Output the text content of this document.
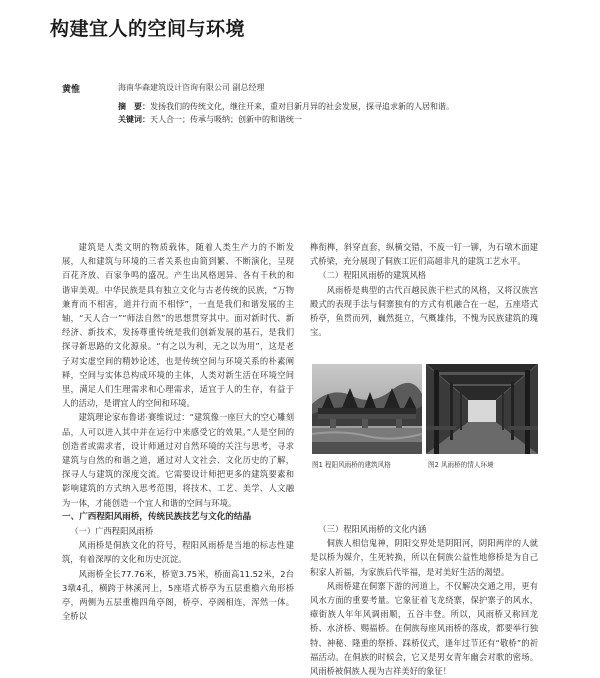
构建宜人的空间与环境
黄惟	海南华森建筑设计咨询有限公司 副总经理
摘　要：发扬我们的传统文化，继往开来，重对目新月异的社会发展，探寻追求新的人居和谐。
关键词：天人合一；传承与吸纳；创新中的和谐统一

建筑是人类文明的物质载体，随着人类生产力的不断发展，人和建筑与环境的三者关系也由简到繁、不断演化，呈现百花齐放、百家争鸣的盛况。产生出风格迥异、各有千秋的和谐审美观。中华民族是具有独立文化与古老传统的民族，“万物兼育而不相害，道并行而不相悖”，一直是我们和谐发展的主轴，“天人合一”“师法自然”的思想贯穿其中。面对新时代、新经济、新技术，发扬尊重传统是我们创新发展的基石，是我们探寻新思路的文化源泉。“有之以为利，无之以为用”，这是老子对实虚空间的精妙论述，也是传统空间与环境关系的朴素阐释，空间与实体总构成环境的主体，人类对新生活在环境空间里，满足人们生理需求和心理需求，适宜于人的生存，有益于人的活动，是谓宜人的空间和环境。

建筑理论家布鲁诺·赛维说过：“建筑像一座巨大的空心雕刻品，人可以进入其中并在运行中来感受它的效果。”人是空间的创造者或需求者，设计师通过对自然环境的关注与思考，寻求建筑与自然的和谐之道，通过对人文社会、文化历史的了解，探寻人与建筑的深度交流。它需要设计师把更多的建筑要素和影响建筑的方式纳入思考范围，将技术、工艺、美学、人文融为一体，才能创造一个宜人和谐的空间与环境。

一、广西程阳风雨桥，传统民族技艺与文化的结晶

（一）广西程阳风雨桥

风雨桥是侗族文化的符号，程阳风雨桥是当地的标志性建筑，有着深厚的文化和历史沉淀。

风雨桥全长77.76米，桥宽3.75米，桥面高11.52米，2台3墩4孔，横跨于林溪河上，5座塔式桥亭为五层重檐六角形桥亭，两侧为五层重檐四角亭阁，桥亭、亭阁相连，浑然一体。全桥以

榫衔榫，斜穿直套，纵横交错，不废一钉一铆，为石墩木面建式桥梁，充分展现了侗族工匠们高超非凡的建筑工艺水平。

（二）程阳风雨桥的建筑风格

风雨桥是典型的古代百越民族干栏式的风格，又将汉族宫殿式的表现手法与侗寨独有的方式有机融合在一起，五座塔式桥亭，鱼贯而列，巍然挺立，气概雄伟，不愧为民族建筑的瑰宝。

图1 程阳风雨桥的建筑风格	图2 风雨桥的情人环境

（三）程阳风雨桥的文化内涵

侗族人相信鬼神，阴阳交界处是阴阳河，阴阳两岸的人就是以桥为媒介，生死转换，所以在侗族公益性地修桥是为自己积家人祈福，为家族后代毕福，是对美好生活的渴望。

风雨桥建在侗寨下游的河道上，不仅解决交通之用，更有风水方面的重要考量。它象征着飞龙绕寨，保护寨子的风水，瘴街族人年年风调雨顺，五谷丰登。所以，风雨桥又称回龙桥、水济桥、赐福桥。在侗族每座风雨桥的落成，都要举行独特、神秘、隆重的祭桥、踩桥仪式，逢年过节还有“敬桥”的祈福活动。在侗族的时候会，它又是男女青年幽会对歌的密场。风雨桥被侗族人视为吉祥美好的象征！
